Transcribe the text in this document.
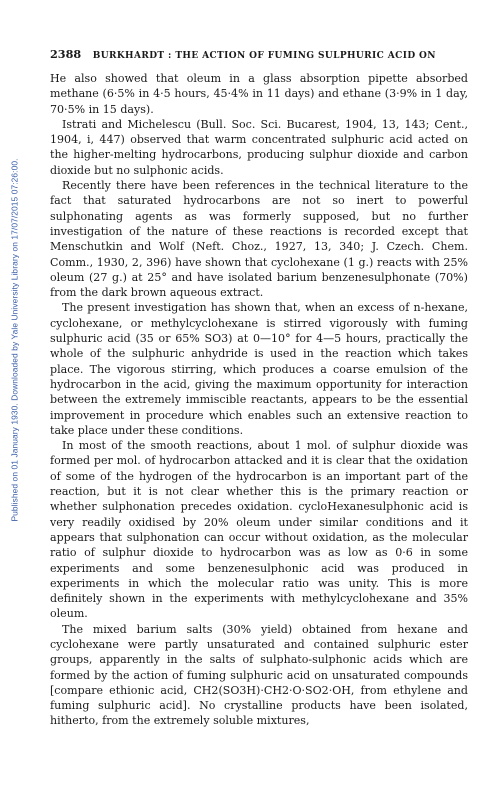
Published on 01 January 1930. Downloaded by Yale University Library on 17/07/2015 07:26:00.
2388 BURKHARDT : THE ACTION OF FUMING SULPHURIC ACID ON

He also showed that oleum in a glass absorption pipette absorbed methane (6·5% in 4·5 hours, 45·4% in 11 days) and ethane (3·9% in 1 day, 70·5% in 15 days).

Istrati and Michelescu (Bull. Soc. Sci. Bucarest, 1904, 13, 143; Cent., 1904, i, 447) observed that warm concentrated sulphuric acid acted on the higher-melting hydrocarbons, producing sulphur dioxide and carbon dioxide but no sulphonic acids.

Recently there have been references in the technical literature to the fact that saturated hydrocarbons are not so inert to powerful sulphonating agents as was formerly supposed, but no further investigation of the nature of these reactions is recorded except that Menschutkin and Wolf (Neft. Choz., 1927, 13, 340; J. Czech. Chem. Comm., 1930, 2, 396) have shown that cyclohexane (1 g.) reacts with 25% oleum (27 g.) at 25° and have isolated barium benzenesulphonate (70%) from the dark brown aqueous extract.

The present investigation has shown that, when an excess of n-hexane, cyclohexane, or methylcyclohexane is stirred vigorously with fuming sulphuric acid (35 or 65% SO3) at 0—10° for 4—5 hours, practically the whole of the sulphuric anhydride is used in the reaction which takes place. The vigorous stirring, which produces a coarse emulsion of the hydrocarbon in the acid, giving the maximum opportunity for interaction between the extremely immiscible reactants, appears to be the essential improvement in procedure which enables such an extensive reaction to take place under these conditions.

In most of the smooth reactions, about 1 mol. of sulphur dioxide was formed per mol. of hydrocarbon attacked and it is clear that the oxidation of some of the hydrogen of the hydrocarbon is an important part of the reaction, but it is not clear whether this is the primary reaction or whether sulphonation precedes oxidation. cycloHexanesulphonic acid is very readily oxidised by 20% oleum under similar conditions and it appears that sulphonation can occur without oxidation, as the molecular ratio of sulphur dioxide to hydrocarbon was as low as 0·6 in some experiments and some benzenesulphonic acid was produced in experiments in which the molecular ratio was unity. This is more definitely shown in the experiments with methylcyclohexane and 35% oleum.

The mixed barium salts (30% yield) obtained from hexane and cyclohexane were partly unsaturated and contained sulphuric ester groups, apparently in the salts of sulphato-sulphonic acids which are formed by the action of fuming sulphuric acid on unsaturated compounds [compare ethionic acid, CH2(SO3H)·CH2·O·SO2·OH, from ethylene and fuming sulphuric acid]. No crystalline products have been isolated, hitherto, from the extremely soluble mixtures,
